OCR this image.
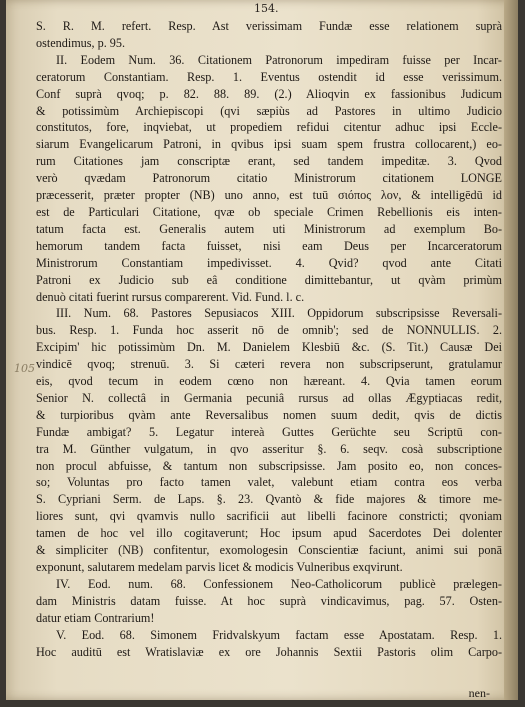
154.
105
S. R. M. refert. Resp. Ast verissimam Fundæ esse relationem suprà
ostendimus, p. 95.
II. Eodem Num. 36. Citationem Patronorum impediram fuisse per Incar-
ceratorum Constantiam. Resp. 1. Eventus ostendit id esse verissimum.
Conf suprà qvoq; p. 82. 88. 89. (2.) Alioqvin ex fassionibus Judicum
& potissimùm Archiepiscopi (qvi sæpiùs ad Pastores in ultimo Judicio
constitutos, fore, inqviebat, ut propediem refidui citentur adhuc ipsi Eccle-
siarum Evangelicarum Patroni, in qvibus ipsi suam spem frustra collocarent,) eo-
rum Citationes jam conscriptæ erant, sed tandem impeditæ. 3. Qvod
verò qvædam Patronorum citatio Ministrorum citationem LONGE
præcesserit, præter propter (NB) uno anno, est tuū σιόπος λον, & intelligēdū id
est de Particulari Citatione, qvæ ob speciale Crimen Rebellionis eis inten-
tatum facta est. Generalis autem uti Ministrorum ad exemplum Bo-
hemorum tandem facta fuisset, nisi eam Deus per Incarceratorum
Ministrorum Constantiam impedivisset. 4. Qvid? qvod ante Citati
Patroni ex Judicio sub eâ conditione dimittebantur, ut qvàm primùm
denuò citati fuerint rursus comparerent. Vid. Fund. l. c.
III. Num. 68. Pastores Sepusiacos XIII. Oppidorum subscripsisse Reversali-
bus. Resp. 1. Funda hoc asserit nō de omnib'; sed de NONNULLIS. 2.
Excipim' hic potissimùm Dn. M. Danielem Klesbiū &c. (S. Tit.) Causæ Dei
vindicē qvoq; strenuū. 3. Si cæteri revera non subscripserunt, gratulamur
eis, qvod tecum in eodem cœno non hæreant. 4. Qvia tamen eorum
Senior N. collectâ in Germania pecuniâ rursus ad ollas Ægyptiacas redit,
& turpioribus qvàm ante Reversalibus nomen suum dedit, qvis de dictis
Fundæ ambigat? 5. Legatur intereà Guttes Gerüchte seu Scriptū con-
tra M. Günther vulgatum, in qvo asseritur §. 6. seqv. cosà subscriptione
non procul abfuisse, & tantum non subscripsisse. Jam posito eo, non conces-
so; Voluntas pro facto tamen valet, valebunt etiam contra eos verba
S. Cypriani Serm. de Laps. §. 23. Qvantò & fide majores & timore me-
liores sunt, qvi qvamvis nullo sacrificii aut libelli facinore constricti; qvoniam
tamen de hoc vel illo cogitaverunt; Hoc ipsum apud Sacerdotes Dei dolenter
& simpliciter (NB) confitentur, exomologesin Conscientiæ faciunt, animi sui ponā
exponunt, salutarem medelam parvis licet & modicis Vulneribus exqvirunt.
IV. Eod. num. 68. Confessionem Neo-Catholicorum publicè prælegen-
dam Ministris datam fuisse. At hoc suprà vindicavimus, pag. 57. Osten-
datur etiam Contrarium!
V. Eod. 68. Simonem Fridvalskyum factam esse Apostatam. Resp. 1.
Hoc auditū est Wratislaviæ ex ore Johannis Sextii Pastoris olim Carpo-
nen-
